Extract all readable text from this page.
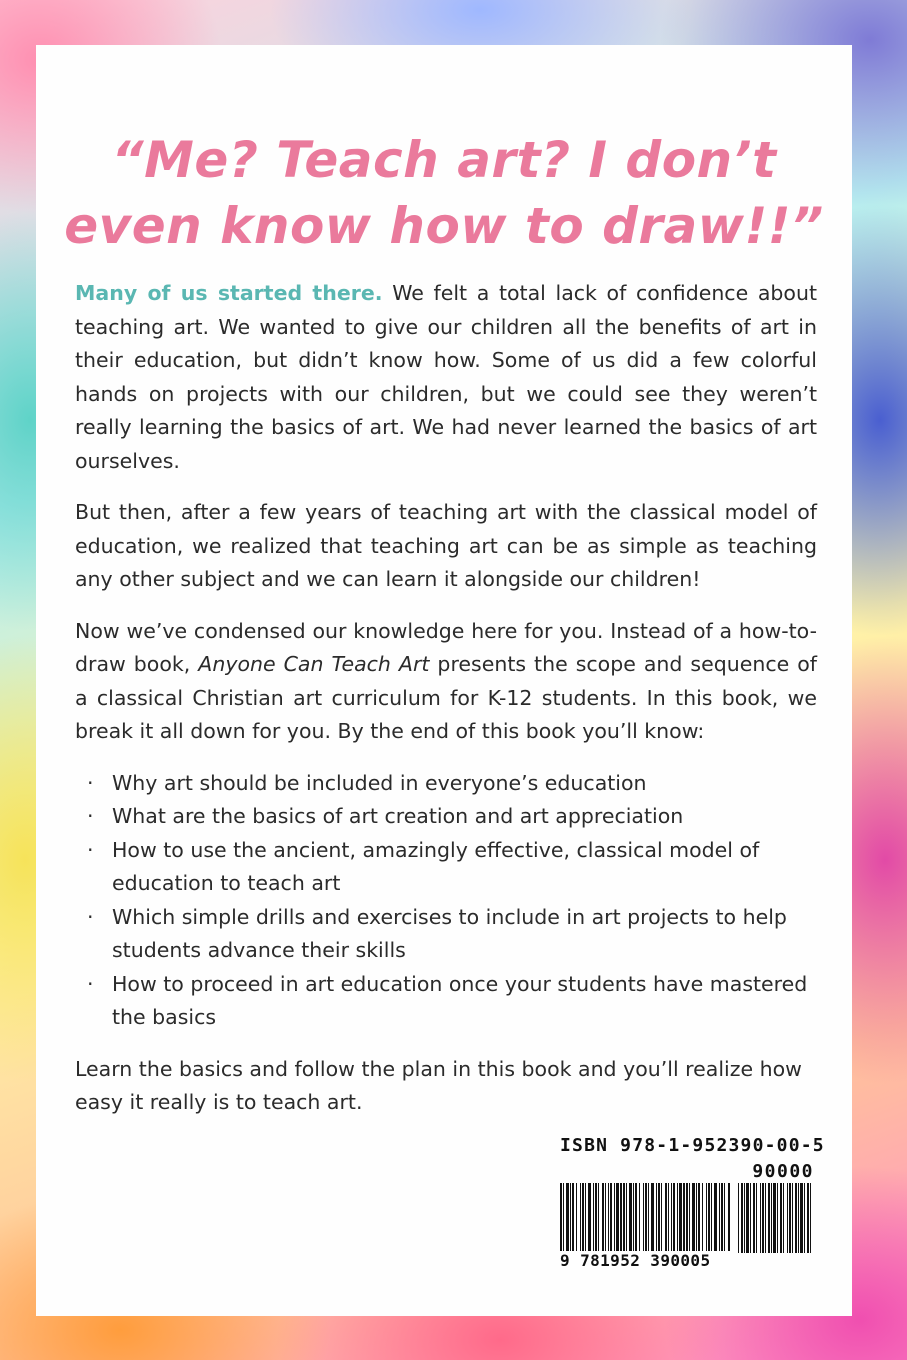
“Me? Teach art? I don’t
even know how to draw!!”

Many of us started there. We felt a total lack of confidence about teaching art. We wanted to give our children all the benefits of art in their education, but didn’t know how. Some of us did a few colorful hands on projects with our children, but we could see they weren’t really learning the basics of art. We had never learned the basics of art ourselves.

But then, after a few years of teaching art with the classical model of education, we realized that teaching art can be as simple as teaching any other subject and we can learn it alongside our children!

Now we’ve condensed our knowledge here for you. Instead of a how-to-draw book, Anyone Can Teach Art presents the scope and sequence of a classical Christian art curriculum for K-12 students. In this book, we break it all down for you. By the end of this book you’ll know:

· Why art should be included in everyone’s education
· What are the basics of art creation and art appreciation
· How to use the ancient, amazingly effective, classical model of education to teach art
· Which simple drills and exercises to include in art projects to help students advance their skills
· How to proceed in art education once your students have mastered the basics

Learn the basics and follow the plan in this book and you’ll realize how easy it really is to teach art.

ISBN 978-1-952390-00-5
90000
9 781952 390005
